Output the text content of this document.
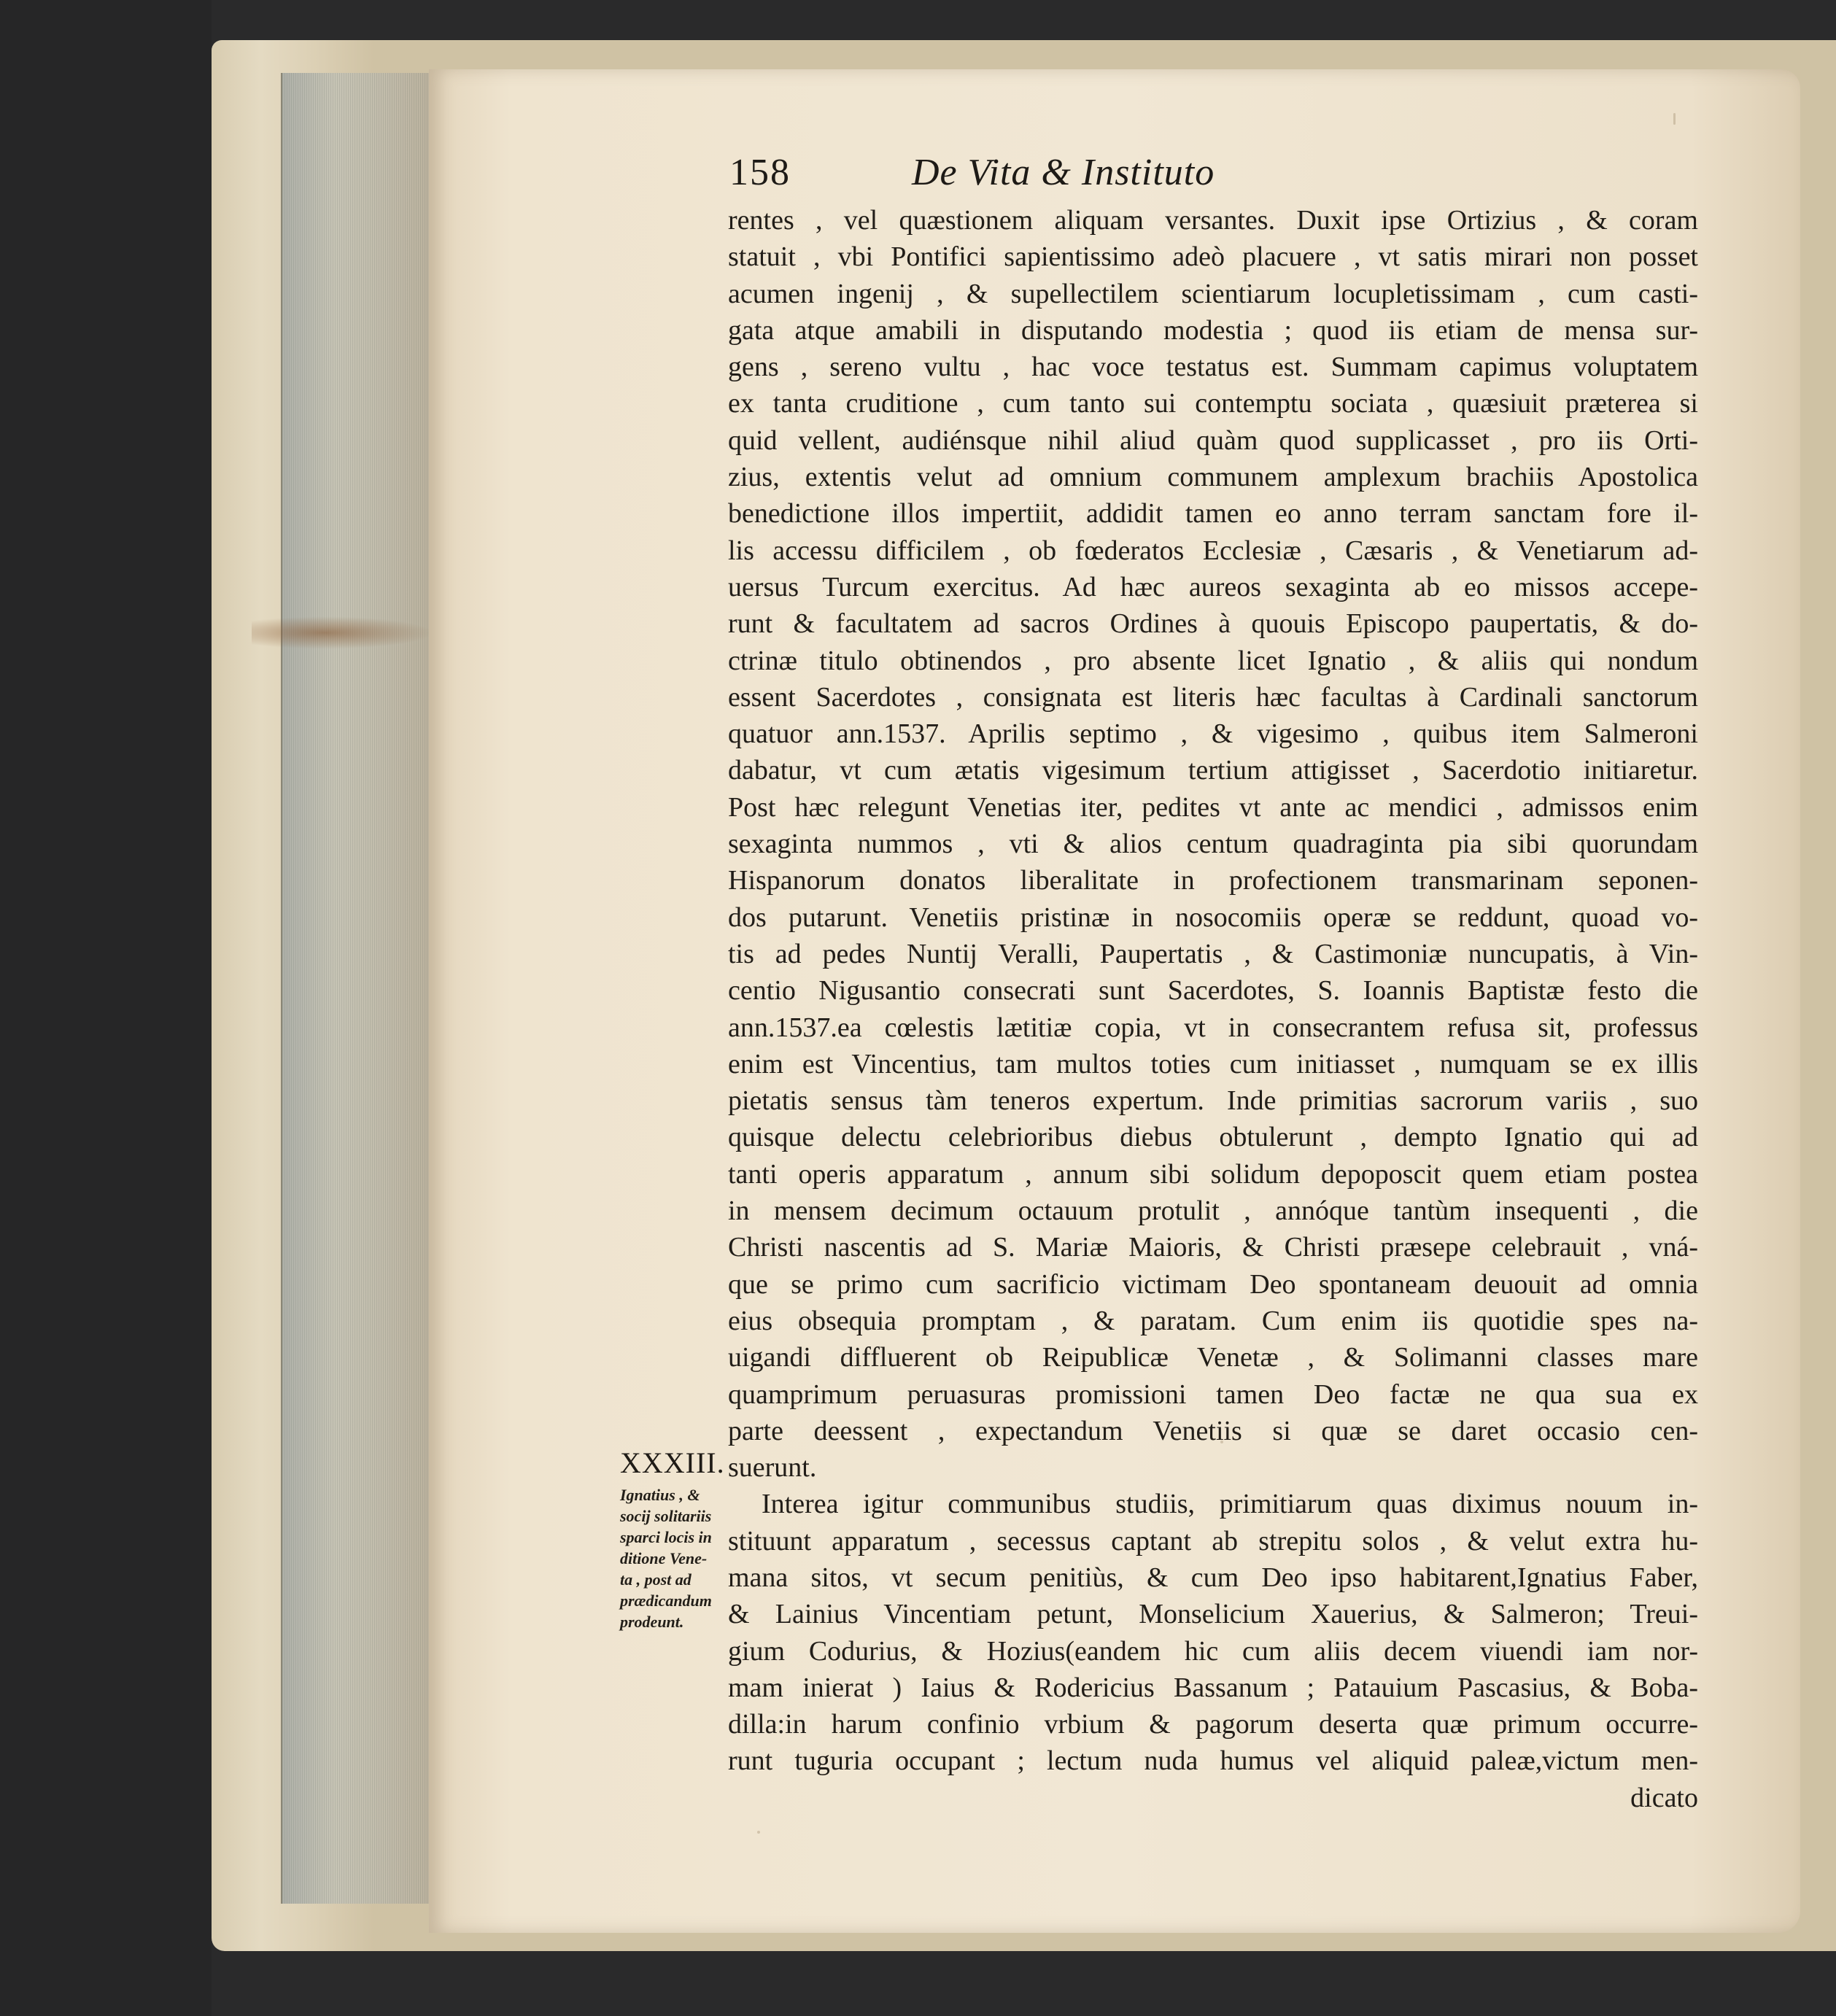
158	De Vita & Instituto
rentes , vel quæstionem aliquam versantes. Duxit ipse Ortizius , & coram
statuit , vbi Pontifici sapientissimo adeò placuere , vt satis mirari non posset
acumen ingenij , & supellectilem scientiarum locupletissimam , cum casti-
gata atque amabili in disputando modestia ; quod iis etiam de mensa sur-
gens , sereno vultu , hac voce testatus est. Summam capimus voluptatem
ex tanta cruditione , cum tanto sui contemptu sociata , quæsiuit præterea si
quid vellent, audiénsque nihil aliud quàm quod supplicasset , pro iis Orti-
zius, extentis velut ad omnium communem amplexum brachiis Apostolica
benedictione illos impertiit, addidit tamen eo anno terram sanctam fore il-
lis accessu difficilem , ob fœderatos Ecclesiæ , Cæsaris , & Venetiarum ad-
uersus Turcum exercitus. Ad hæc aureos sexaginta ab eo missos accepe-
runt & facultatem ad sacros Ordines à quouis Episcopo paupertatis, & do-
ctrinæ titulo obtinendos , pro absente licet Ignatio , & aliis qui nondum
essent Sacerdotes , consignata est literis hæc facultas à Cardinali sanctorum
quatuor ann.1537. Aprilis septimo , & vigesimo , quibus item Salmeroni
dabatur, vt cum ætatis vigesimum tertium attigisset , Sacerdotio initiaretur.
Post hæc relegunt Venetias iter, pedites vt ante ac mendici , admissos enim
sexaginta nummos , vti & alios centum quadraginta pia sibi quorundam
Hispanorum donatos liberalitate in profectionem transmarinam seponen-
dos putarunt. Venetiis pristinæ in nosocomiis operæ se reddunt, quoad vo-
tis ad pedes Nuntij Veralli, Paupertatis , & Castimoniæ nuncupatis, à Vin-
centio Nigusantio consecrati sunt Sacerdotes, S. Ioannis Baptistæ festo die
ann.1537.ea cœlestis lætitiæ copia, vt in consecrantem refusa sit, professus
enim est Vincentius, tam multos toties cum initiasset , numquam se ex illis
pietatis sensus tàm teneros expertum. Inde primitias sacrorum variis , suo
quisque delectu celebrioribus diebus obtulerunt , dempto Ignatio qui ad
tanti operis apparatum , annum sibi solidum depoposcit quem etiam postea
in mensem decimum octauum protulit , annóque tantùm insequenti , die
Christi nascentis ad S. Mariæ Maioris, & Christi præsepe celebrauit , vná-
que se primo cum sacrificio victimam Deo spontaneam deuouit ad omnia
eius obsequia promptam , & paratam. Cum enim iis quotidie spes na-
uigandi diffluerent ob Reipublicæ Venetæ , & Solimanni classes mare
quamprimum peruasuras promissioni tamen Deo factæ ne qua sua ex
parte deessent , expectandum Venetiis si quæ se daret occasio cen-
suerunt.
Interea igitur communibus studiis, primitiarum quas diximus nouum in-
stituunt apparatum , secessus captant ab strepitu solos , & velut extra hu-
mana sitos, vt secum penitiùs, & cum Deo ipso habitarent,Ignatius Faber,
& Lainius Vincentiam petunt, Monselicium Xauerius, & Salmeron; Treui-
gium Codurius, & Hozius(eandem hic cum aliis decem viuendi iam nor-
mam inierat ) Iaius & Rodericius Bassanum ; Patauium Pascasius, & Boba-
dilla:in harum confinio vrbium & pagorum deserta quæ primum occurre-
runt tuguria occupant ; lectum nuda humus vel aliquid paleæ,victum men-
dicato
XXXIII.
Ignatius , &
socij solitariis
sparci locis in
ditione Vene-
ta , post ad
prædicandum
prodeunt.
